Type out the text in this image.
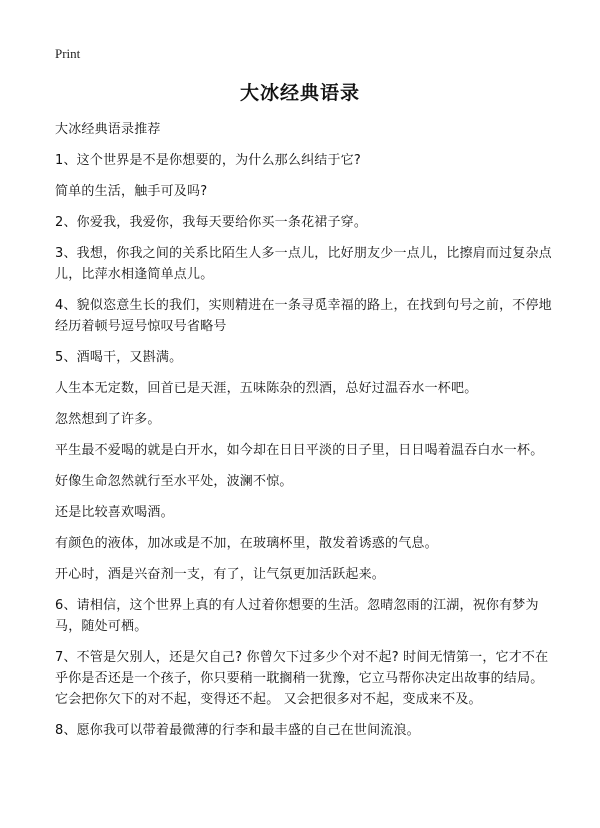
Print
大冰经典语录

大冰经典语录推荐

1、这个世界是不是你想要的，为什么那么纠结于它?

简单的生活，触手可及吗?

2、你爱我，我爱你，我每天要给你买一条花裙子穿。

3、我想，你我之间的关系比陌生人多一点儿，比好朋友少一点儿，比擦肩而过复杂点儿，比萍水相逢简单点儿。

4、貌似恣意生长的我们，实则精进在一条寻觅幸福的路上，在找到句号之前，不停地经历着顿号逗号惊叹号省略号

5、酒喝干，又斟满。

人生本无定数，回首已是天涯，五味陈杂的烈酒，总好过温吞水一杯吧。

忽然想到了许多。

平生最不爱喝的就是白开水，如今却在日日平淡的日子里，日日喝着温吞白水一杯。

好像生命忽然就行至水平处，波澜不惊。

还是比较喜欢喝酒。

有颜色的液体，加冰或是不加，在玻璃杯里，散发着诱惑的气息。

开心时，酒是兴奋剂一支，有了，让气氛更加活跃起来。

6、请相信，这个世界上真的有人过着你想要的生活。忽晴忽雨的江湖，祝你有梦为马，随处可栖。

7、不管是欠别人，还是欠自己? 你曾欠下过多少个对不起? 时间无情第一，它才不在乎你是否还是一个孩子，你只要稍一耽搁稍一犹豫，它立马帮你决定出故事的结局。 它会把你欠下的对不起，变得还不起。 又会把很多对不起，变成来不及。

8、愿你我可以带着最微薄的行李和最丰盛的自己在世间流浪。
